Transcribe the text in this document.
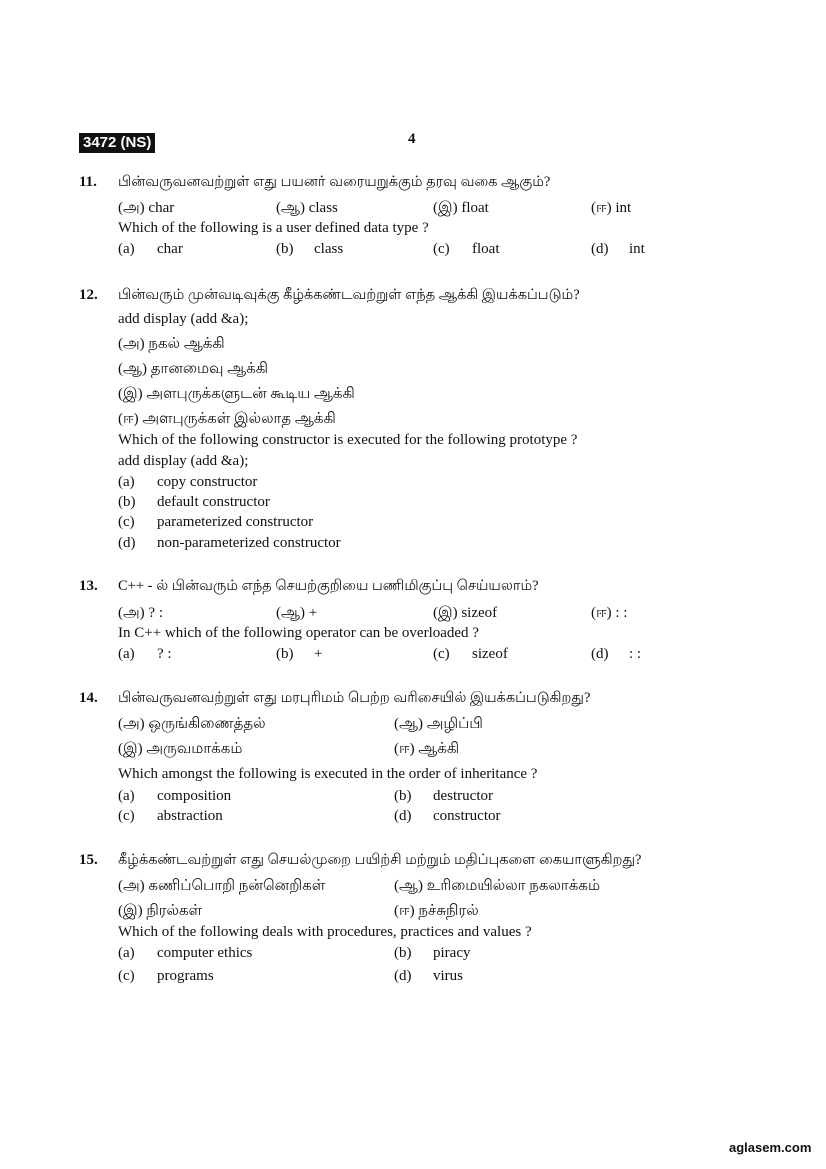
3472 (NS)	4
11. பின்வருவனவற்றுள் எது பயனர் வரையறுக்கும் தரவு வகை ஆகும்?
(அ) char	(ஆ) class	(இ) float	(ஈ) int
Which of the following is a user defined data type ?
(a) char	(b) class	(c) float	(d) int
12. பின்வரும் முன்வடிவுக்கு கீழ்க்கண்டவற்றுள் எந்த ஆக்கி இயக்கப்படும்?
add display (add &a);
(அ) நகல் ஆக்கி
(ஆ) தானமைவு ஆக்கி
(இ) அளபுருக்களுடன் கூடிய ஆக்கி
(ஈ) அளபுருக்கள் இல்லாத ஆக்கி
Which of the following constructor is executed for the following prototype ?
add display (add &a);
(a) copy constructor
(b) default constructor
(c) parameterized constructor
(d) non-parameterized constructor
13. C++ - ல் பின்வரும் எந்த செயற்குறியை பணிமிகுப்பு செய்யலாம்?
(அ) ? :	(ஆ) +	(இ) sizeof	(ஈ) : :
In C++ which of the following operator can be overloaded ?
(a) ? :	(b) +	(c) sizeof	(d) : :
14. பின்வருவனவற்றுள் எது மரபுரிமம் பெற்ற வரிசையில் இயக்கப்படுகிறது?
(அ) ஒருங்கிணைத்தல்	(ஆ) அழிப்பி
(இ) அருவமாக்கம்	(ஈ) ஆக்கி
Which amongst the following is executed in the order of inheritance ?
(a) composition	(b) destructor
(c) abstraction	(d) constructor
15. கீழ்க்கண்டவற்றுள் எது செயல்முறை பயிற்சி மற்றும் மதிப்புகளை கையாளுகிறது?
(அ) கணிப்பொறி நன்னெறிகள்	(ஆ) உரிமையில்லா நகலாக்கம்
(இ) நிரல்கள்	(ஈ) நச்சுநிரல்
Which of the following deals with procedures, practices and values ?
(a) computer ethics	(b) piracy
(c) programs	(d) virus
aglasem.com
